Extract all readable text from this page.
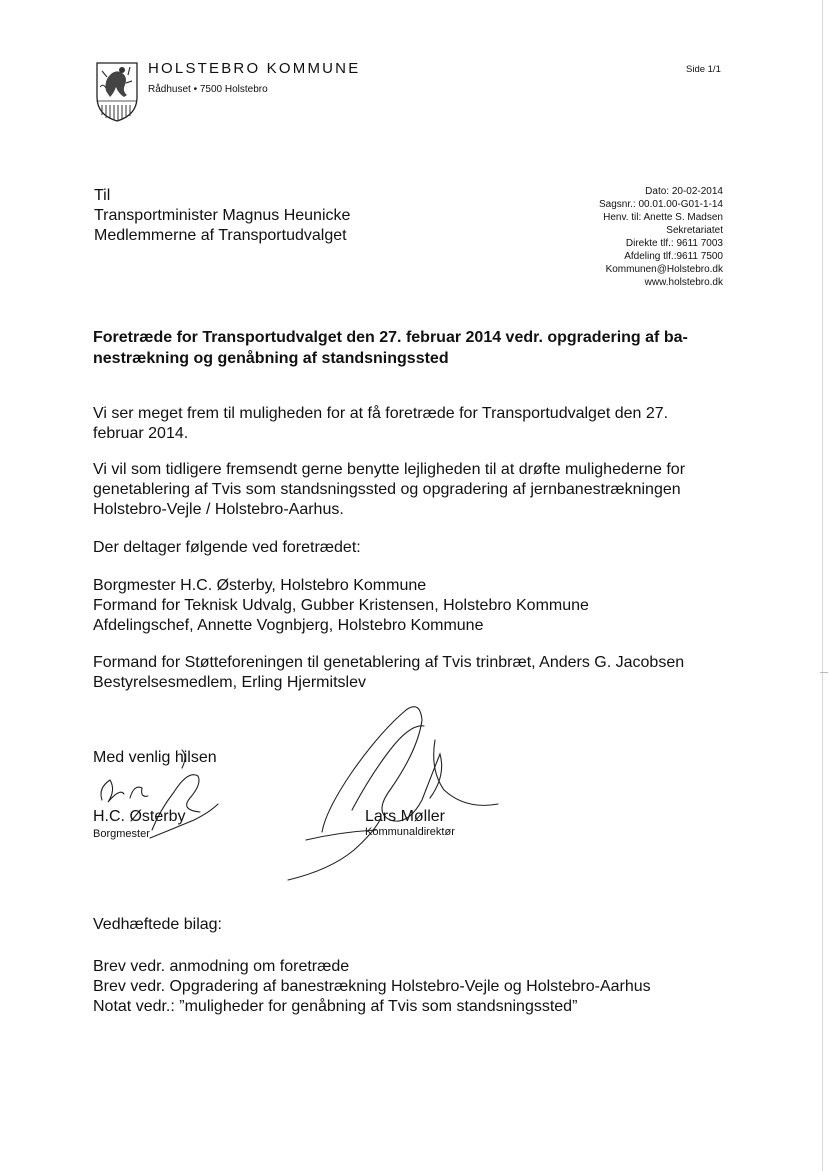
HOLSTEBRO KOMMUNE
Rådhuset • 7500 Holstebro
Side 1/1
Til
Transportminister Magnus Heunicke
Medlemmerne af Transportudvalget
Dato: 20-02-2014
Sagsnr.: 00.01.00-G01-1-14
Henv. til: Anette S. Madsen
Sekretariatet
Direkte tlf.: 9611 7003
Afdeling tlf.:9611 7500
Kommunen@Holstebro.dk
www.holstebro.dk
Foretræde for Transportudvalget den 27. februar 2014 vedr. opgradering af ba-
nestrækning og genåbning af standsningssted
Vi ser meget frem til muligheden for at få foretræde for Transportudvalget den 27.
februar 2014.
Vi vil som tidligere fremsendt gerne benytte lejligheden til at drøfte mulighederne for
genetablering af Tvis som standsningssted og opgradering af jernbanestrækningen
Holstebro-Vejle / Holstebro-Aarhus.
Der deltager følgende ved foretrædet:
Borgmester H.C. Østerby, Holstebro Kommune
Formand for Teknisk Udvalg, Gubber Kristensen, Holstebro Kommune
Afdelingschef, Annette Vognbjerg, Holstebro Kommune
Formand for Støtteforeningen til genetablering af Tvis trinbræt, Anders G. Jacobsen
Bestyrelsesmedlem, Erling Hjermitslev
Med venlig hilsen
H.C. Østerby
Borgmester
Lars Møller
Kommunaldirektør
Vedhæftede bilag:
Brev vedr. anmodning om foretræde
Brev vedr. Opgradering af banestrækning Holstebro-Vejle og Holstebro-Aarhus
Notat vedr.: ”muligheder for genåbning af Tvis som standsningssted”
